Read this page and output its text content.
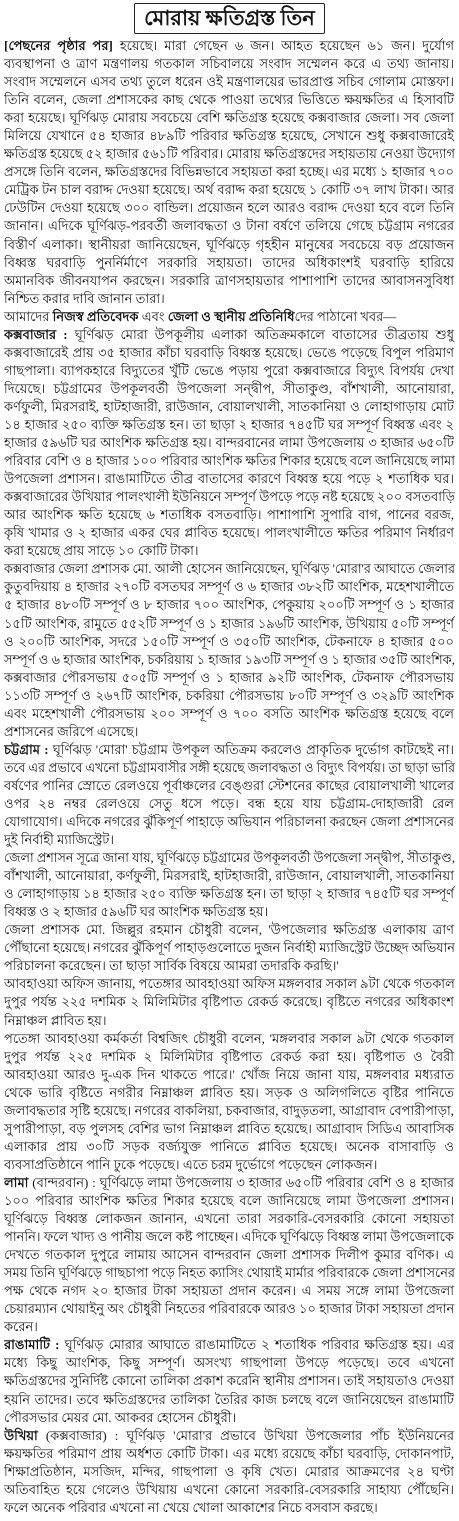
মোরায় ক্ষতিগ্রস্ত তিন
[পেছনের পৃষ্ঠার পর] হয়েছে। মারা গেছেন ৬ জন। আহত হয়েছেন ৬১ জন। দুর্যোগ
ব্যবস্থাপনা ও ত্রাণ মন্ত্রণালয় গতকাল সচিবালয়ে সংবাদ সম্মেলন করে এ তথ্য জানায়।
সংবাদ সম্মেলনে এসব তথ্য তুলে ধরেন ওই মন্ত্রণালয়ের ভারপ্রাপ্ত সচিব গোলাম মোস্তফা।
তিনি বলেন, জেলা প্রশাসকের কাছ থেকে পাওয়া তথ্যের ভিত্তিতে ক্ষয়ক্ষতির এ হিসাবটি
করা হয়েছে। ঘূর্ণিঝড় মোরায় সবচেয়ে বেশি ক্ষতিগ্রস্ত হয়েছে কক্সবাজার জেলা। সব জেলা
মিলিয়ে যেখানে ৫৪ হাজার ৪৮৯টি পরিবার ক্ষতিগ্রস্ত হয়েছে, সেখানে শুধু কক্সবাজারেই
ক্ষতিগ্রস্ত হয়েছে ৫২ হাজার ৫৬১টি পরিবার। মোরায় ক্ষতিগ্রস্তদের সহায়তায় নেওয়া উদ্যোগ
প্রসঙ্গে তিনি বলেন, ক্ষতিগ্রস্তদের বিভিন্নভাবে সহায়তা করা হচ্ছে। এর মধ্যে ১ হাজার ৭০০
মেট্রিক টন চাল বরাদ্দ দেওয়া হয়েছে। অর্থ বরাদ্দ করা হয়েছে ১ কোটি ৩৭ লাখ টাকা। আর
ঢেউটিন দেওয়া হয়েছে ৩০০ বান্ডিল। প্রয়োজন হলে আরও বরাদ্দ দেওয়া হবে বলে তিনি
জানান। এদিকে ঘূর্ণিঝড়-পরবর্তী জলাবদ্ধতা ও টানা বর্ষণে তলিয়ে গেছে চট্টগ্রাম নগরের
বিস্তীর্ণ এলাকা। স্থানীয়রা জানিয়েছেন, ঘূর্ণিঝড়ে গৃহহীন মানুষের সবচেয়ে বড় প্রয়োজন
বিধ্বস্ত ঘরবাড়ি পুনর্নির্মাণে সরকারি সহায়তা। তাদের অধিকাংশই ঘরবাড়ি হারিয়ে
অমানবিক জীবনযাপন করছেন। সরকারি ত্রাণসহায়তার পাশাপাশি তাদের আবাসনসুবিধা
নিশ্চিত করার দাবি জানান তারা।
আমাদের নিজস্ব প্রতিবেদক এবং জেলা ও স্থানীয় প্রতিনিধিদের পাঠানো খবর—
কক্সবাজার : ঘূর্ণিঝড় মোরা উপকূলীয় এলাকা অতিক্রমকালে বাতাসের তীব্রতায় শুধু
কক্সবাজারেই প্রায় ৩৫ হাজার কাঁচা ঘরবাড়ি বিধ্বস্ত হয়েছে। ভেঙে পড়েছে বিপুল পরিমাণ
গাছপালা। ব্যাপকহারে বিদ্যুতের খুঁটি ভেঙে পড়ায় পুরো কক্সবাজারে বিদ্যুৎ বিপর্যয় দেখা
দিয়েছে। চট্টগ্রামের উপকূলবর্তী উপজেলা সন্দ্বীপ, সীতাকুণ্ড, বাঁশখালী, আনোয়ারা,
কর্ণফুলী, মিরসরাই, হাটহাজারী, রাউজান, বোয়ালখালী, সাতকানিয়া ও লোহাগাড়ায় মোট
১৪ হাজার ২৫০ ব্যক্তি ক্ষতিগ্রস্ত হন। তা ছাড়া ২ হাজার ৭৪৫টি ঘর সম্পূর্ণ বিধ্বস্ত এবং ২
হাজার ৫৯৬টি ঘর আংশিক ক্ষতিগ্রস্ত হয়। বান্দরবানের লামা উপজেলায় ৩ হাজার ৬৫০টি
পরিবার বেশি ও ৪ হাজার ১০০ পরিবার আংশিক ক্ষতির শিকার হয়েছে বলে জানিয়েছে লামা
উপজেলা প্রশাসন। রাঙামাটিতে তীব্র বাতাসের কারণে বিধ্বস্ত হয়ে পড়ে ২ শতাধিক ঘর।
কক্সবাজারের উখিয়ার পালংখালী ইউনিয়নে সম্পূর্ণ উপড়ে পড়ে নষ্ট হয়েছে ২০০ বসতবাড়ি
আর আংশিক ক্ষতি হয়েছে ৬ শতাধিক বসতবাড়ি। পাশাপাশি সুপারি বাগ, পানের বরজ,
কৃষি খামার ও ২ হাজার একর ঘের প্লাবিত হয়েছে। পালংখালীতে ক্ষতির পরিমাণ নির্ধারণ
করা হয়েছে প্রায় সাড়ে ১০ কোটি টাকা।
কক্সবাজার জেলা প্রশাসক মো. আলী হোসেন জানিয়েছেন, ঘূর্ণিঝড় 'মোরা'র আঘাতে জেলার
কুতুবদিয়ায় ৪ হাজার ২৭০টি বসতঘর সম্পূর্ণ ও ৬ হাজার ৩৮২টি আংশিক, মহেশখালীতে
৫ হাজার ৪৮০টি সম্পূর্ণ ও ৮ হাজার ৭০০ আংশিক, পেকুয়ায় ২০০টি সম্পূর্ণ ও ১ হাজার
১৫টি আংশিক, রামুতে ৫৫২টি সম্পূর্ণ ও ১ হাজার ১৯৬টি আংশিক, উখিয়ায় ৫০টি সম্পূর্ণ
ও ২০০টি আংশিক, সদরে ১৫০টি সম্পূর্ণ ও ৩৫০টি আংশিক, টেকনাফে ৪ হাজার ৫০০
সম্পূর্ণ ও ৬ হাজার আংশিক, চকরিয়ায় ১ হাজার ১৯৩টি সম্পূর্ণ ও ১ হাজার ৩৫টি আংশিক,
কক্সবাজার পৌরসভায় ৫০৫টি সম্পূর্ণ ও ১ হাজার ৯২টি আংশিক, টেকনাফ পৌরসভায়
১১৩টি সম্পূর্ণ ও ২৬৭টি আংশিক, চকরিয়া পৌরসভায় ৮০টি সম্পূর্ণ ও ৩২৯টি আংশিক
এবং মহেশখালী পৌরসভায় ২০০ সম্পূর্ণ ও ৭০০ বসতি আংশিক ক্ষতিগ্রস্ত হয়েছে বলে
প্রশাসনের জরিপে এসেছে।
চট্টগ্রাম : ঘূর্ণিঝড় 'মোরা' চট্টগ্রাম উপকূল অতিক্রম করলেও প্রাকৃতিক দুর্ভোগ কাটছেই না।
তবে এর প্রভাবে এখনো চট্টগ্রামবাসীর সঙ্গী হয়েছে জলাবদ্ধতা ও বিদ্যুৎ বিপর্যয়। তা ছাড়া ভারি
বর্ষণের পানির স্রোতে রেলওয়ে পূর্বাঞ্চলের বেঙ্গুরা স্টেশনের কাছের বোয়ালখালী খালের
ওপর ২৪ নম্বর রেলওয়ে সেতু ধসে পড়ে। বন্ধ হয়ে যায় চট্টগ্রাম-দোহাজারী রেল
যোগাযোগ। এদিকে নগরের ঝুঁকিপূর্ণ পাহাড়ে অভিযান পরিচালনা করছেন জেলা প্রশাসনের
দুই নির্বাহী ম্যাজিস্ট্রেট।
জেলা প্রশাসন সূত্রে জানা যায়, ঘূর্ণিঝড়ে চট্টগ্রামের উপকূলবর্তী উপজেলা সন্দ্বীপ, সীতাকুণ্ড,
বাঁশখালী, আনোয়ারা, কর্ণফুলী, মিরসরাই, হাটহাজারী, রাউজান, বোয়ালখালী, সাতকানিয়া
ও লোহাগাড়ায় ১৪ হাজার ২৫০ ব্যক্তি ক্ষতিগ্রস্ত হন। তা ছাড়া ২ হাজার ৭৪৫টি ঘর সম্পূর্ণ
বিধ্বস্ত ও ২ হাজার ৫৯৬টি ঘর আংশিক ক্ষতিগ্রস্ত হয়।
জেলা প্রশাসক মো. জিল্লুর রহমান চৌধুরী বলেন, 'উপজেলার ক্ষতিগ্রস্ত এলাকায় ত্রাণ
পৌঁছানো হয়েছে। নগরের ঝুঁকিপূর্ণ পাহাড়গুলোতে দুজন নির্বাহী ম্যাজিস্ট্রেট উচ্ছেদ অভিযান
পরিচালনা করেছেন। তা ছাড়া সার্বিক বিষয়ে আমরা তদারকি করছি।'
আবহাওয়া অফিস জানায়, পতেঙ্গার আবহাওয়া অফিস মঙ্গলবার সকাল ৯টা থেকে গতকাল
দুপুর পর্যন্ত ২২৫ দশমিক ২ মিলিমিটার বৃষ্টিপাত রেকর্ড করেছে। বৃষ্টিতে নগরের অধিকাংশ
নিম্নাঞ্চল প্লাবিত হয়।
পতেঙ্গা আবহাওয়া কর্মকর্তা বিশ্বজিৎ চৌধুরী বলেন, 'মঙ্গলবার সকাল ৯টা থেকে গতকাল
দুপুর পর্যন্ত ২২৫ দশমিক ২ মিলিমিটার বৃষ্টিপাত রেকর্ড করা হয়। বৃষ্টিপাত ও বৈরী
আবহাওয়া আরও দু-এক দিন থাকতে পারে।' খোঁজ নিয়ে জানা যায়, মঙ্গলবার মধ্যরাত
থেকে ভারি বৃষ্টিতে নগরীর নিম্নাঞ্চল প্লাবিত হয়। সড়ক ও অলিগলিতে বৃষ্টির পানিতে
জলাবদ্ধতার সৃষ্টি হয়েছে। নগরের বাকলিয়া, চকবাজার, বাদুড়তলা, আগ্রাবাদ বেপারীপাড়া,
সুপারীপাড়া, বড় পুলসহ বেশির ভাগ নিম্নাঞ্চল প্লাবিত হয়েছে। আগ্রাবাদ সিডিএ আবাসিক
এলাকার প্রায় ৩০টি সড়ক বর্জ্যযুক্ত পানিতে প্লাবিত হয়েছে। অনেক বাসাবাড়ি ও
ব্যবসাপ্রতিষ্ঠানে পানি ঢুকে পড়েছে। এতে চরম দুর্ভোগে পড়েছেন লোকজন।
লামা (বান্দরবান) : ঘূর্ণিঝড়ে লামা উপজেলায় ৩ হাজার ৬৫০টি পরিবার বেশি ও ৪ হাজার
১০০ পরিবার আংশিক ক্ষতির শিকার হয়েছে বলে জানিয়েছে লামা উপজেলা প্রশাসন।
ঘূর্ণিঝড়ে বিধ্বস্ত লোকজন জানান, এখনো তারা সরকারি-বেসরকারি কোনো সহায়তা
পাননি। ফলে খাদ্য ও পানীয় জলে কষ্ট পাচ্ছেন। এদিকে ঘূর্ণিঝড়ে বিধ্বস্ত লামা উপজেলাকে
দেখতে গতকাল দুপুরে লামায় আসেন বান্দরবান জেলা প্রশাসক দিলীপ কুমার বণিক। এ
সময় তিনি ঘূর্ণিঝড়ে গাছচাপা পড়ে নিহত ক্যাসিং থোয়াই মার্মার পরিবারকে জেলা প্রশাসনের
পক্ষ থেকে নগদ ২০ হাজার টাকা সহায়তা প্রদান করেন। এ সময় সঙ্গে লামা উপজেলা
চেয়ারম্যান থোয়াইনু অং চৌধুরী নিহতের পরিবারকে আরও ১০ হাজার টাকা সহায়তা প্রদান
করেন।
রাঙামাটি : ঘূর্ণিঝড় মোরার আঘাতে রাঙামাটিতে ২ শতাধিক পরিবার ক্ষতিগ্রস্ত হয়। এর
মধ্যে কিছু আংশিক, কিছু সম্পূর্ণ। অসংখ্য গাছপালা উপড়ে পড়েছে। তবে এখনো
ক্ষতিগ্রস্তদের সুনির্দিষ্ট কোনো তালিকা প্রকাশ করেনি স্থানীয় প্রশাসন। তাই সহায়তাও দেওয়া
হয়নি তাদের। তবে ক্ষতিগ্রস্তদের তালিকা তৈরির কাজ চলছে বলে জানিয়েছেন রাঙামাটি
পৌরসভার মেয়র মো. আকবর হোসেন চৌধুরী।
উখিয়া (কক্সবাজার) : ঘূর্ণিঝড় 'মোরা'র প্রভাবে উখিয়া উপজেলার পাঁচ ইউনিয়নের
ক্ষয়ক্ষতির পরিমাণ প্রায় অর্ধশত কোটি টাকা। এর মধ্যে রয়েছে কাঁচা ঘরবাড়ি, দোকানপাট,
শিক্ষাপ্রতিষ্ঠান, মসজিদ, মন্দির, গাছপালা ও কৃষি খেত। মোরার আক্রমণের ২৪ ঘণ্টা
অতিবাহিত হয়ে গেলেও উখিয়ায় এখনো কোনো সরকারি-বেসরকারি সাহায্য পৌঁছেনি।
ফলে অনেক পরিবার এখনো না খেয়ে খোলা আকাশের নিচে বসবাস করছে।
